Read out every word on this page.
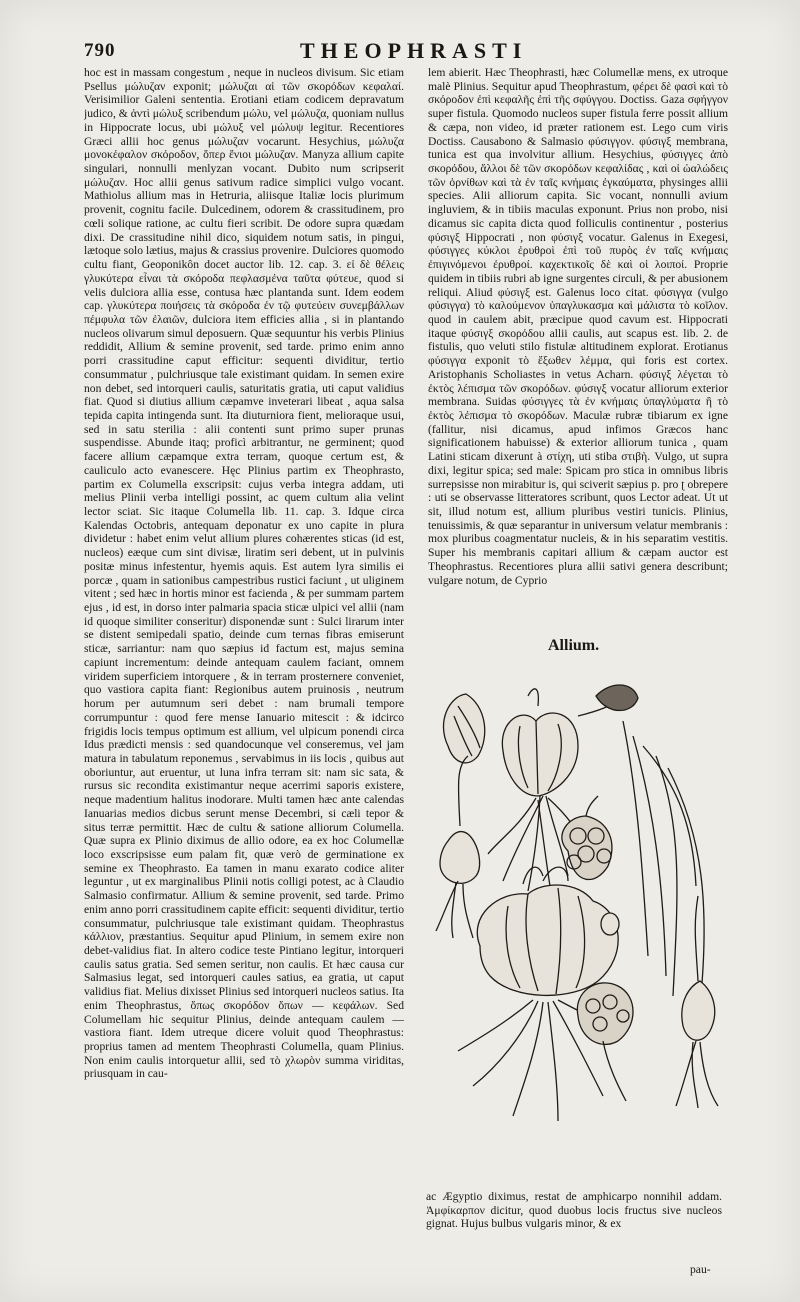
790	THEOPHRASTI

hoc est in massam congestum , neque in nucleos divisum. Sic etiam Psellus μώλυζαν exponit; μώλυζαι αἱ τῶν σκορόδων κεφαλαί. Verisimilior Galeni sententia. Erotiani etiam codicem depravatum judico, & ἀντὶ μώλυξ scribendum μώλυ, vel μώλυζα, quoniam nullus in Hippocrate locus, ubi μώλυξ vel μώλυψ legitur. Recentiores Græci allii hoc genus μώλυζαν vocarunt. Hesychius, μώλυζα μονοκέφαλον σκόροδον, ὅπερ ἔνιοι μώλυζαν. Manyza allium capite singulari, nonnulli menlyzan vocant. Dubito num scripserit μώλυζαν. Hoc allii genus sativum radice simplici vulgo vocant. Mathiolus allium mas in Hetruria, aliisque Italiæ locis plurimum provenit, cognitu facile. Dulcedinem, odorem & crassitudinem, pro cœli solique ratione, ac cultu fieri scribit. De odore supra quædam dixi. De crassitudine nihil dico, siquidem notum satis, in pingui, lætoque solo lætius, majus & crassius provenire. Dulciores quomodo cultu fiant, Geoponikôn docet auctor lib. 12. cap. 3. εἰ δὲ θέλεις γλυκύτερα εἶναι τὰ σκόροδα πεφλασμένα ταῦτα φύτευε, quod si velis dulciora allia esse, contusa hæc plantanda sunt. Idem eodem cap. γλυκύτερα ποιήσεις τὰ σκόροδα ἐν τῷ φυτεύειν συνεμβάλλων πέμφυλα τῶν ἐλαιῶν, dulciora item efficies allia , si in plantando nucleos olivarum simul deposuern. Quæ sequuntur his verbis Plinius reddidit, Allium & semine provenit, sed tarde. primo enim anno porri crassitudine caput efficitur: sequenti dividitur, tertio consummatur , pulchriusque tale existimant quidam. In semen exire non debet, sed intorqueri caulis, saturitatis gratia, uti caput validius fiat. Quod si diutius allium cæpamve inveterari libeat , aqua salsa tepida capita intingenda sunt. Ita diuturniora fient, melioraque usui, sed in satu sterilia : alii contenti sunt primo super prunas suspendisse. Abunde itaq; proficì arbitrantur, ne germinent; quod facere allium cæpamque extra terram, quoque certum est, & cauliculo acto evanescere. Hęc Plinius partim ex Theophrasto, partim ex Columella exscripsit: cujus verba integra addam, uti melius Plinii verba intelligi possint, ac quem cultum alia velint lector sciat. Sic itaque Columella lib. 11. cap. 3. Idque circa Kalendas Octobris, antequam deponatur ex uno capite in plura dividetur : habet enim velut allium plures cohærentes sticas (id est, nucleos) eæque cum sint divisæ, liratim seri debent, ut in pulvinis positæ minus infestentur, hyemis aquis. Est autem lyra similis ei porcæ , quam in sationibus campestribus rustici faciunt , ut uliginem vitent ; sed hæc in hortis minor est facienda , & per summam partem ejus , id est, in dorso inter palmaria spacia sticæ ulpici vel allii (nam id quoque similiter conseritur) disponendæ sunt : Sulci lirarum inter se distent semipedali spatio, deinde cum ternas fibras emiserunt sticæ, sarriantur: nam quo sæpius id factum est, majus semina capiunt incrementum: deinde antequam caulem faciant, omnem viridem superficiem intorquere , & in terram prosternere conveniet, quo vastiora capita fiant: Regionibus autem pruinosis , neutrum horum per autumnum seri debet : nam brumali tempore corrumpuntur : quod fere mense Ianuario mitescit : & idcirco frigidis locis tempus optimum est allium, vel ulpicum ponendi circa Idus prædicti mensis : sed quandocunque vel conseremus, vel jam matura in tabulatum reponemus , servabimus in iis locis , quibus aut oboriuntur, aut eruentur, ut luna infra terram sit: nam sic sata, & rursus sic recondita existimantur neque acerrimi saporis existere, neque madentium halitus inodorare. Multi tamen hæc ante calendas Ianuarias medios dicbus serunt mense Decembri, si cæli tepor & situs terræ permittit. Hæc de cultu & satione alliorum Columella. Quæ supra ex Plinio diximus de allio odore, ea ex hoc Columellæ loco exscripsisse eum palam fit, quæ verò de germinatione ex semine ex Theophrasto. Ea tamen in manu exarato codice aliter leguntur , ut ex marginalibus Plinii notis colligi potest, ac à Claudio Salmasio confirmatur. Allium & semine provenit, sed tarde. Primo enim anno porri crassitudinem capite efficit: sequenti dividitur, tertio consummatur, pulchriusque tale existimant quidam. Theophrastus κάλλιον, præstantius. Sequitur apud Plinium, in semem exire non debet-validius fiat. In altero codice teste Pintiano legitur, intorqueri caulis satus gratia. Sed semen seritur, non caulis. Et hæc causa cur Salmasius legat, sed intorqueri caules satius, ea gratia, ut caput validius fiat. Melius dixisset Plinius sed intorqueri nucleos satius. Ita enim Theophrastus, ὅπως σκορόδον ὄπων — κεφάλων. Sed Columellam hic sequitur Plinius, deinde antequam caulem — vastiora fiant. Idem utreque dicere voluit quod Theophrastus: proprius tamen ad mentem Theophrasti Columella, quam Plinius. Non enim caulis intorquetur allii, sed τὸ χλωρὸν summa viriditas, priusquam in cau-

lem abierit. Hæc Theophrasti, hæc Columellæ mens, ex utroque malè Plinius. Sequitur apud Theophrastum, φέρει δὲ φασὶ καὶ τὸ σκόροδον ἐπὶ κεφαλῆς ἐπὶ τῆς σφύγγου. Doctiss. Gaza σφήγγον super fistula. Quomodo nucleos super fistula ferre possit allium & cæpa, non video, id præter rationem est. Lego cum viris Doctiss. Causabono & Salmasio φύσιγγον. φύσιγξ membrana, tunica est qua involvitur allium. Hesychius, φύσιγγες ἀπὸ σκορόδου, ἄλλοι δὲ τῶν σκορόδων κεφαλίδας , καὶ οἱ ὠαλώδεις τῶν ὀρνίθων καὶ τὰ ἐν ταῖς κνήμαις ἐγκαύματα, physinges allii species. Alii alliorum capita. Sic vocant, nonnulli avium ingluviem, & in tibiis maculas exponunt. Prius non probo, nisi dicamus sic capita dicta quod folliculis continentur , posterius φύσιγξ Hippocrati , non φύσιγξ vocatur. Galenus in Exegesi, φύσιγγες κύκλοι ἐρυθροὶ ἐπὶ τοῦ πυρὸς ἐν ταῖς κνήμαις ἐπιγινόμενοι ἐρυθροί. καχεκτικοῖς δὲ καὶ οἱ λοιποί. Proprie quidem in tibiis rubri ab igne surgentes circuli, & per abusionem reliqui. Aliud φύσιγξ est. Galenus loco citat. φύσιγγα (vulgo φύσιγγα) τὸ καλούμενον ὑπαγλυκασμα καὶ μάλιστα τὸ κοῖλον. quod in caulem abit, præcipue quod cavum est. Hippocrati itaque φύσιγξ σκορόδου allii caulis, aut scapus est. lib. 2. de fistulis, quo veluti stilo fistulæ altitudinem explorat. Erotianus φύσιγγα exponit τὸ ἔξωθεν λέμμα, qui foris est cortex. Aristophanis Scholiastes in vetus Acharn. φύσιγξ λέγεται τὸ ἐκτὸς λέπισμα τῶν σκορόδων. φύσιγξ vocatur alliorum exterior membrana. Suidas φύσιγγες τὰ ἐν κνήμαις ὑπαγλύματα ἢ τὸ ἐκτὸς λέπισμα τὸ σκορόδων. Maculæ rubræ tibiarum ex igne (fallitur, nisi dicamus, apud infimos Græcos hanc significationem habuisse) & exterior alliorum tunica , quam Latini sticam dixerunt à στίχη, uti stiba στιβὴ. Vulgo, ut supra dixi, legitur spica; sed male: Spicam pro stica in omnibus libris surrepsisse non mirabitur is, qui sciverit sæpius p. pro ʈ obrepere : uti se observasse litteratores scribunt, quos Lector adeat. Ut ut sit, illud notum est, allium pluribus vestiri tunicis. Plinius, tenuissimis, & quæ separantur in universum velatur membranis : mox pluribus coagmentatur nucleis, & in his separatim vestitis. Super his membranis capitari allium & cæpam auctor est Theophrastus. Recentiores plura allii sativi genera describunt; vulgare notum, de Cyprio

Allium.

ac Ægyptio diximus, restat de amphicarpo nonnihil addam. Ἀμφίκαρπον dicitur, quod duobus locis fructus sive nucleos gignat. Hujus bulbus vulgaris minor, & ex

pau-
